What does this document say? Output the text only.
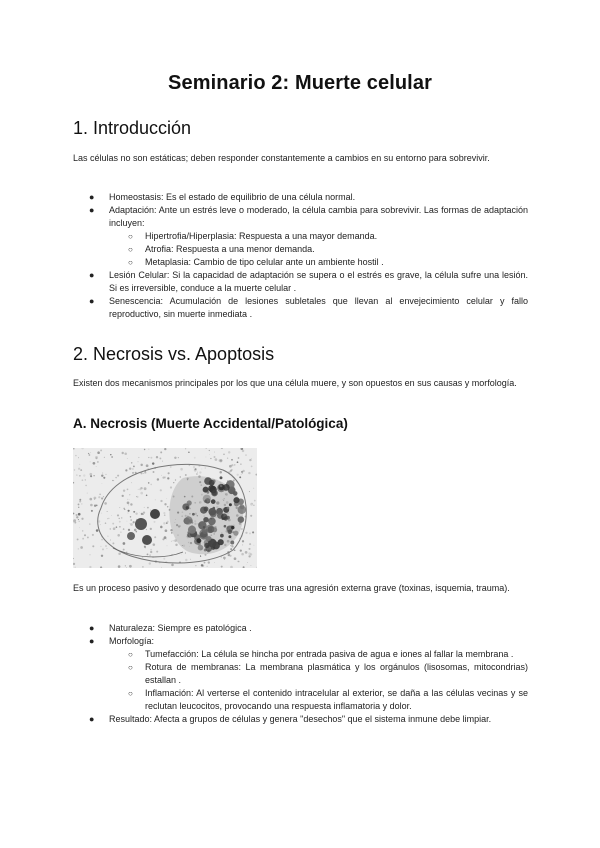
Seminario 2: Muerte celular
1. Introducción
Las células no son estáticas; deben responder constantemente a cambios en su entorno para sobrevivir.
● Homeostasis: Es el estado de equilibrio de una célula normal.
● Adaptación: Ante un estrés leve o moderado, la célula cambia para sobrevivir. Las formas de adaptación incluyen:
○ Hipertrofia/Hiperplasia: Respuesta a una mayor demanda.
○ Atrofia: Respuesta a una menor demanda.
○ Metaplasia: Cambio de tipo celular ante un ambiente hostil .
● Lesión Celular: Si la capacidad de adaptación se supera o el estrés es grave, la célula sufre una lesión. Si es irreversible, conduce a la muerte celular .
● Senescencia: Acumulación de lesiones subletales que llevan al envejecimiento celular y fallo reproductivo, sin muerte inmediata .
2. Necrosis vs. Apoptosis
Existen dos mecanismos principales por los que una célula muere, y son opuestos en sus causas y morfología.
A. Necrosis (Muerte Accidental/Patológica)
Es un proceso pasivo y desordenado que ocurre tras una agresión externa grave (toxinas, isquemia, trauma).
● Naturaleza: Siempre es patológica .
● Morfología:
○ Tumefacción: La célula se hincha por entrada pasiva de agua e iones al fallar la membrana .
○ Rotura de membranas: La membrana plasmática y los orgánulos (lisosomas, mitocondrias) estallan .
○ Inflamación: Al verterse el contenido intracelular al exterior, se daña a las células vecinas y se reclutan leucocitos, provocando una respuesta inflamatoria y dolor.
● Resultado: Afecta a grupos de células y genera "desechos" que el sistema inmune debe limpiar.
